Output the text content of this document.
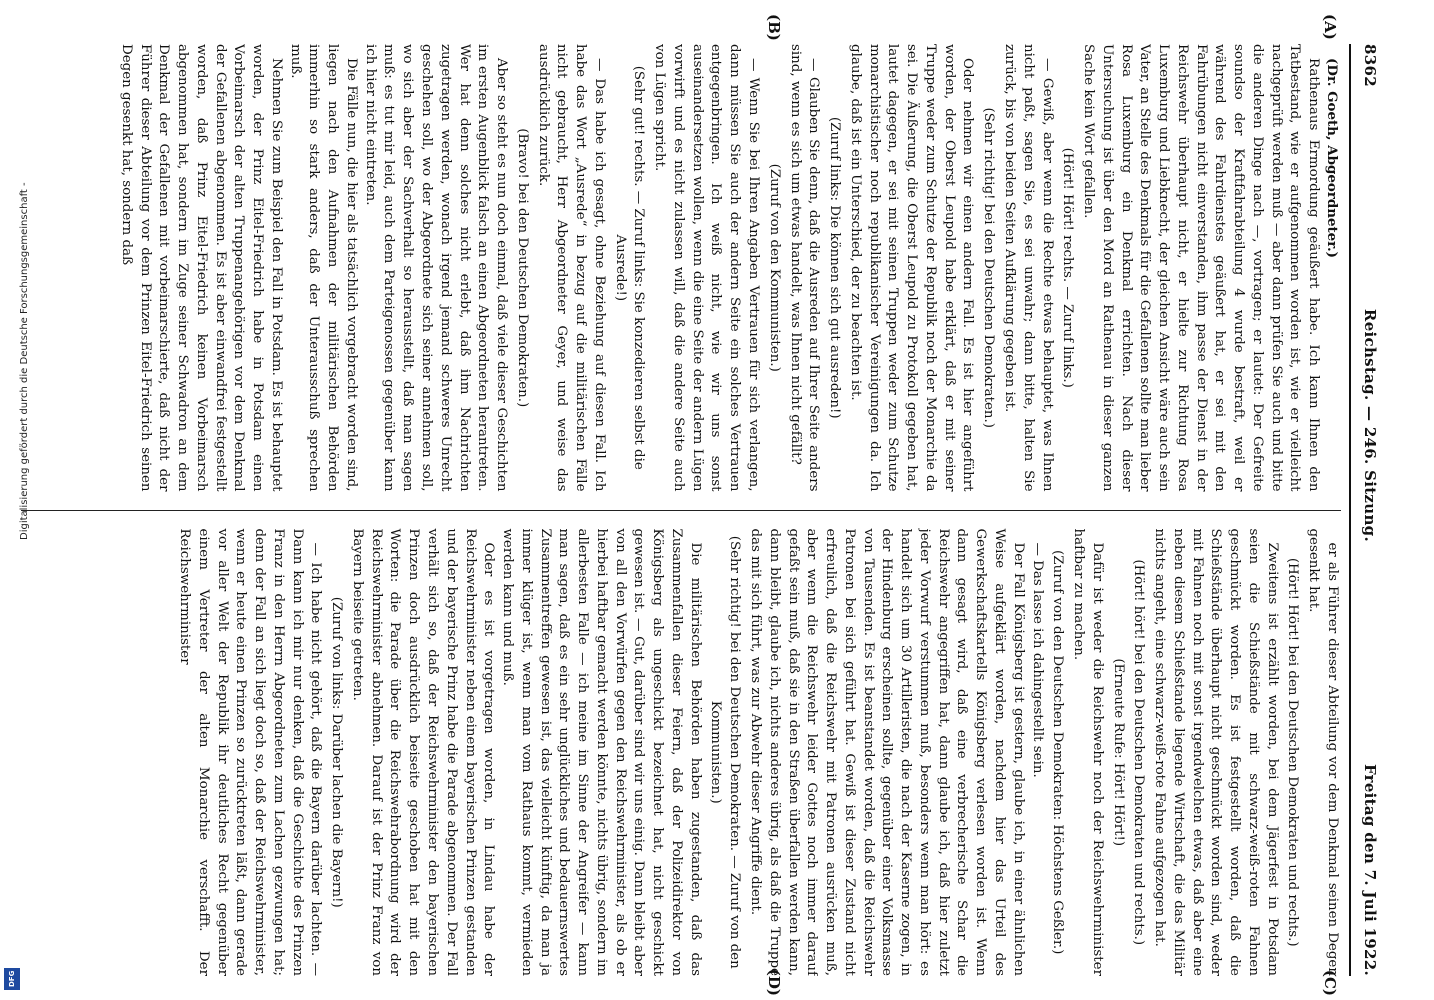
8362
Reichstag. — 246. Sitzung.
Freitag den 7. Juli 1922.
(A)
(B)

(Dr. Goeth, Abgeordneter.)

Rathenaus Ermordung geäußert habe. Ich kann Ihnen den Tatbestand, wie er aufgenommen worden ist, wie er vielleicht nachgeprüft werden muß — aber dann prüfen Sie auch und bitte die anderen Dinge nach —, vortragen; er lautet: Der Gefreite soundso der Kraftfahrabteilung 4 wurde bestraft, weil er während des Fahrdienstes geäußert hat, er sei mit den Fahrübungen nicht einverstanden, ihm passe der Dienst in der Reichswehr überhaupt nicht, er hielte zur Richtung Rosa Luxemburg und Liebknecht, der gleichen Ansicht wäre auch sein Vater, an Stelle des Denkmals für die Gefallenen sollte man lieber Rosa Luxemburg ein Denkmal errichten. Nach dieser Untersuchung ist über den Mord an Rathenau in dieser ganzen Sache kein Wort gefallen.

(Hört! Hört! rechts. — Zuruf links.)

— Gewiß, aber wenn die Rechte etwas behauptet, was Ihnen nicht paßt, sagen Sie, es sei unwahr; dann bitte, halten Sie zurück, bis von beiden Seiten Aufklärung gegeben ist.

(Sehr richtig! bei den Deutschen Demokraten.)

Oder nehmen wir einen andern Fall. Es ist hier angeführt worden, der Oberst Leupold habe erklärt, daß er mit seiner Truppe weder zum Schutze der Republik noch der Monarchie da sei. Die Äußerung, die Oberst Leupold zu Protokoll gegeben hat, lautet dagegen, er sei mit seinen Truppen weder zum Schutze monarchistischer noch republikanischer Vereinigungen da. Ich glaube, daß ist ein Unterschied, der zu beachten ist.

(Zuruf links: Die können sich gut ausreden!)

— Glauben Sie denn, daß die Ausreden auf Ihrer Seite anders sind, wenn es sich um etwas handelt, was Ihnen nicht gefällt?

(Zuruf von den Kommunisten.)

— Wenn Sie bei Ihren Angaben Vertrauen für sich verlangen, dann müssen Sie auch der andern Seite ein solches Vertrauen entgegenbringen. Ich weiß nicht, wie wir uns sonst auseinandersetzen wollen, wenn die eine Seite der andern Lügen vorwirft und es nicht zulassen will, daß die andere Seite auch von Lügen spricht.

(Sehr gut! rechts. — Zuruf links: Sie konzedieren selbst die Ausrede!)

— Das habe ich gesagt, ohne Beziehung auf diesen Fall. Ich habe das Wort „Ausrede“ in bezug auf die militärischen Fälle nicht gebraucht, Herr Abgeordneter Geyer, und weise das ausdrücklich zurück.

(Bravo! bei den Deutschen Demokraten.)

Aber so steht es nun doch einmal, daß viele dieser Geschichten im ersten Augenblick falsch an einen Abgeordneten herantreten. Wer hat denn solches nicht erlebt, daß ihm Nachrichten zugetragen werden, wonach irgend jemand schweres Unrecht geschehen soll, wo der Abgeordnete sich seiner annehmen soll, wo sich aber der Sachverhalt so herausstellt, daß man sagen muß: es tut mir leid, auch dem Parteigenossen gegenüber kann ich hier nicht eintreten.

Die Fälle nun, die hier als tatsächlich vorgebracht worden sind, liegen nach den Aufnahmen der militärischen Behörden immerhin so stark anders, daß der Unterausschuß sprechen muß.

Nehmen Sie zum Beispiel den Fall in Potsdam. Es ist behauptet worden, der Prinz Eitel-Friedrich habe in Potsdam einen Vorbeimarsch der alten Truppenangehörigen vor dem Denkmal der Gefallenen abgenommen. Es ist aber einwandfrei festgestellt worden, daß Prinz Eitel-Friedrich keinen Vorbeimarsch abgenommen hat, sondern im Zuge seiner Schwadron an dem Denkmal der Gefallenen mit vorbeimarschierte, daß nicht der Führer dieser Abteilung vor dem Prinzen Eitel-Friedrich seinen Degen gesenkt hat, sondern daß

er als Führer dieser Abteilung vor dem Denkmal seinen Degen gesenkt hat.

(Hört! Hört! bei den Deutschen Demokraten und rechts.)

Zweitens ist erzählt worden, bei dem Jägerfest in Potsdam seien die Schießstände mit schwarz-weiß-roten Fahnen geschmückt worden. Es ist festgestellt worden, daß die Schießstände überhaupt nicht geschmückt worden sind, weder mit Fahnen noch mit sonst irgendwelchen etwas, daß aber eine neben diesem Schießstande liegende Wirtschaft, die das Militär nichts angeht, eine schwarz-weiß-rote Fahne aufgezogen hat.

(Hört! hört! bei den Deutschen Demokraten und rechts.)

(Erneute Rufe: Hört! Hört!)

Dafür ist weder die Reichswehr noch der Reichswehrminister haftbar zu machen.

(Zuruf von den Deutschen Demokraten: Höchstens Geßler.)

— Das lasse ich dahingestellt sein.

Der Fall Königsberg ist gestern, glaube ich, in einer ähnlichen Weise aufgeklärt worden, nachdem hier das Urteil des Gewerkschaftskartells Königsberg verlesen worden ist. Wenn dann gesagt wird, daß eine verbrecherische Schar die Reichswehr angegriffen hat, dann glaube ich, daß hier zuletzt jeder Vorwurf verstummen muß, besonders wenn man hört: es handelt sich um 30 Artilleristen, die nach der Kaserne zogen, in der Hindenburg erscheinen sollte, gegenüber einer Volksmasse von Tausenden. Es ist beanstandet worden, daß die Reichswehr Patronen bei sich geführt hat. Gewiß ist dieser Zustand nicht erfreulich, daß die Reichswehr mit Patronen ausrücken muß, aber wenn die Reichswehr leider Gottes noch immer darauf gefaßt sein muß, daß sie in den Straßen überfallen werden kann, dann bleibt, glaube ich, nichts anderes übrig, als daß die Truppe das mit sich führt, was zur Abwehr dieser Angriffe dient.

(Sehr richtig! bei den Deutschen Demokraten. — Zuruf von den Kommunisten.)

Die militärischen Behörden haben zugestanden, daß das Zusammenfallen dieser Feiern, daß der Polizeidirektor von Königsberg als ungeschickt bezeichnet hat, nicht geschickt gewesen ist. — Gut, darüber sind wir uns einig. Dann bleibt aber von all den Vorwürfen gegen den Reichswehrminister, als ob er hierbei haftbar gemacht werden könnte, nichts übrig, sondern im allerbesten Falle — ich meine im Sinne der Angreifer — kann man sagen, daß es ein sehr unglückliches und bedauernswertes Zusammentreffen gewesen ist, das vielleicht künftig, da man ja immer klüger ist, wenn man vom Rathaus kommt, vermieden werden kann und muß.

Oder es ist vorgetragen worden, in Lindau habe der Reichswehrminister neben einem bayerischen Prinzen gestanden und der bayerische Prinz habe die Parade abgenommen. Der Fall verhält sich so, daß der Reichswehrminister den bayerischen Prinzen doch ausdrücklich beiseite geschoben hat mit den Worten: die Parade über die Reichswehrabordnung wird der Reichswehrminister abnehmen. Darauf ist der Prinz Franz von Bayern beiseite getreten.

(Zuruf von links: Darüber lachen die Bayern!)

— Ich habe nicht gehört, daß die Bayern darüber lachten. — Dann kann ich mir nur denken, daß die Geschichte des Prinzen Franz in den Herrn Abgeordneten zum Lachen gezwungen hat; denn der Fall an sich liegt doch so, daß der Reichswehrminister, wenn er heute einen Prinzen so zurücktreten läßt, dann gerade vor aller Welt der Republik ihr deutliches Recht gegenüber einem Vertreter der alten Monarchie verschafft. Der Reichswehrminister

(C)
(D)
Digitalisierung gefördert durch die Deutsche Forschungsgemeinschaft -
DFG
